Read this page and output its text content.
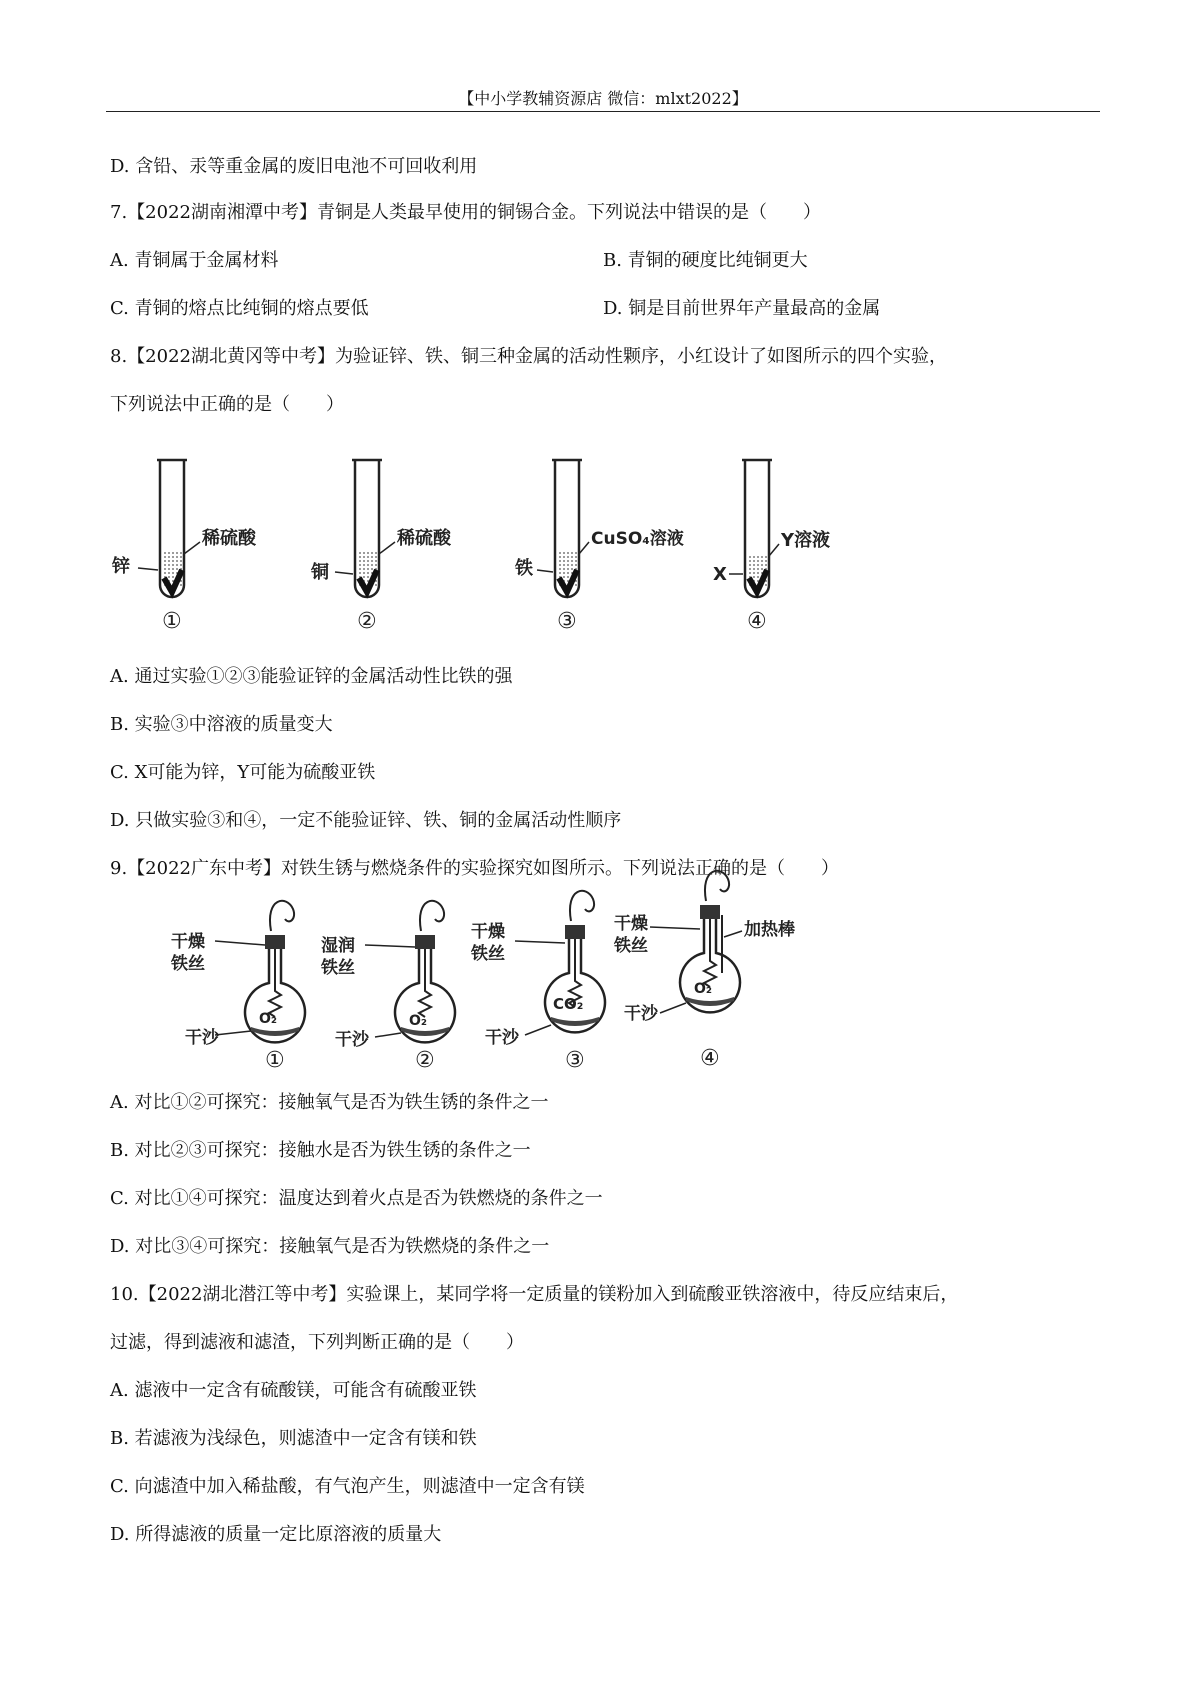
【中小学教辅资源店 微信：mlxt2022】
D. 含铅、汞等重金属的废旧电池不可回收利用
7.【2022湖南湘潭中考】青铜是人类最早使用的铜锡合金。下列说法中错误的是（　　）
A. 青铜属于金属材料	B. 青铜的硬度比纯铜更大
C. 青铜的熔点比纯铜的熔点要低	D. 铜是目前世界年产量最高的金属
8.【2022湖北黄冈等中考】为验证锌、铁、铜三种金属的活动性颗序，小红设计了如图所示的四个实验，
下列说法中正确的是（　　）
锌
稀硫酸
①
铜
稀硫酸
②
铁
CuSO₄溶液
③
X
Y溶液
④
A. 通过实验①②③能验证锌的金属活动性比铁的强
B. 实验③中溶液的质量变大
C. X可能为锌，Y可能为硫酸亚铁
D. 只做实验③和④，一定不能验证锌、铁、铜的金属活动性顺序
9.【2022广东中考】对铁生锈与燃烧条件的实验探究如图所示。下列说法正确的是（　　）
干燥
铁丝
O₂
干沙
①
湿润
铁丝
O₂
干沙
②
干燥
铁丝
CO₂
干沙
③
干燥
铁丝
加热棒
O₂
干沙
④
A. 对比①②可探究：接触氧气是否为铁生锈的条件之一
B. 对比②③可探究：接触水是否为铁生锈的条件之一
C. 对比①④可探究：温度达到着火点是否为铁燃烧的条件之一
D. 对比③④可探究：接触氧气是否为铁燃烧的条件之一
10.【2022湖北潜江等中考】实验课上，某同学将一定质量的镁粉加入到硫酸亚铁溶液中，待反应结束后，
过滤，得到滤液和滤渣，下列判断正确的是（　　）
A. 滤液中一定含有硫酸镁，可能含有硫酸亚铁
B. 若滤液为浅绿色，则滤渣中一定含有镁和铁
C. 向滤渣中加入稀盐酸，有气泡产生，则滤渣中一定含有镁
D. 所得滤液的质量一定比原溶液的质量大
